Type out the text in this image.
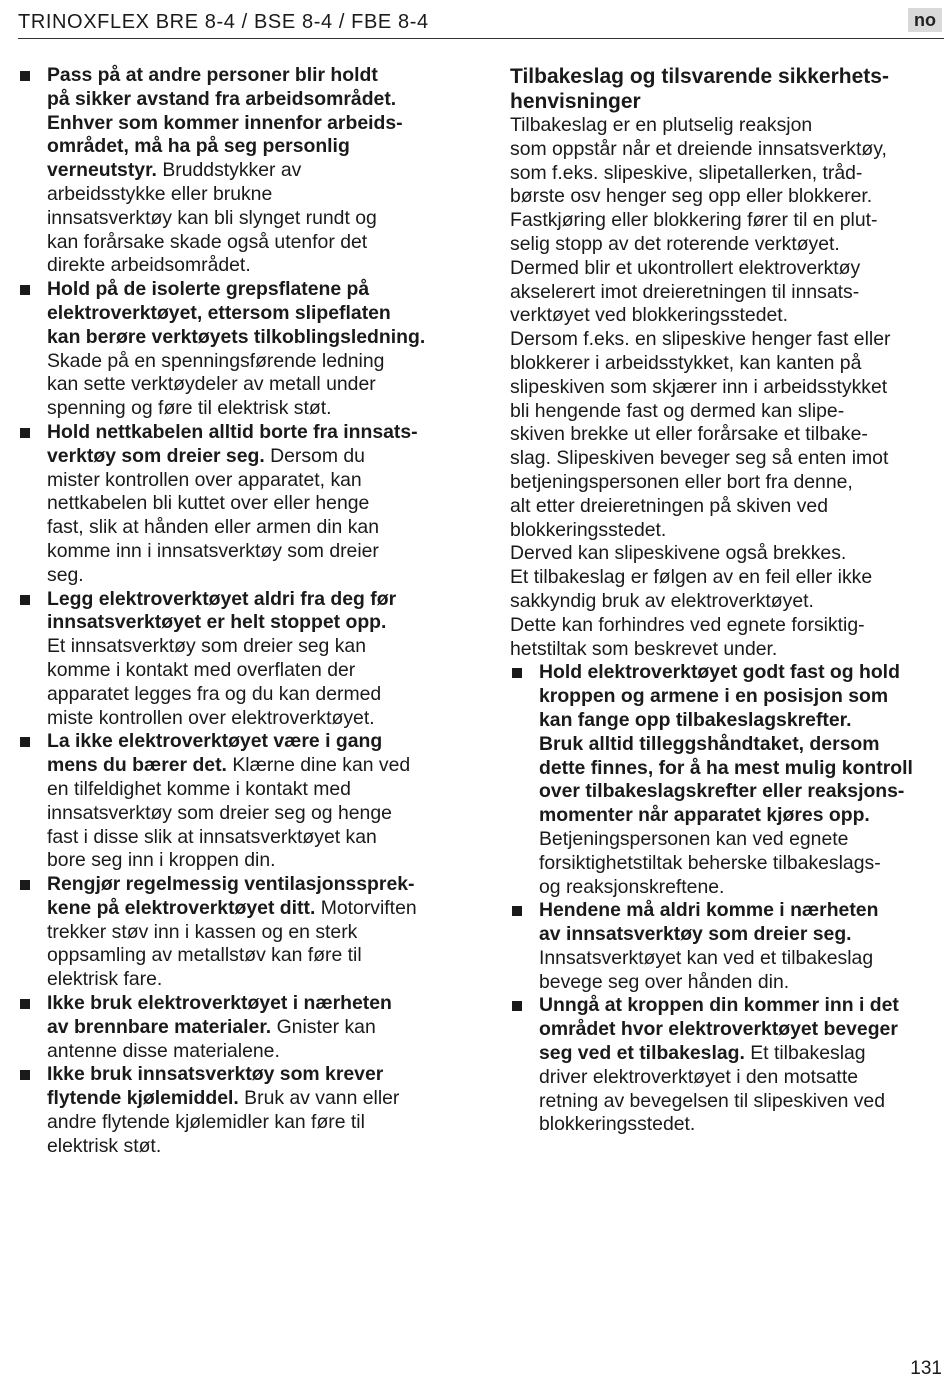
TRINOXFLEX BRE 8-4 / BSE 8-4 / FBE 8-4	no

Pass på at andre personer blir holdt

på sikker avstand fra arbeidsområdet.

Enhver som kommer innenfor arbeids-

området, må ha på seg personlig

verneutstyr. Bruddstykker av

arbeidsstykke eller brukne

innsatsverktøy kan bli slynget rundt og

kan forårsake skade også utenfor det

direkte arbeidsområdet.

Hold på de isolerte grepsflatene på

elektroverktøyet, ettersom slipeflaten

kan berøre verktøyets tilkoblingsledning.

Skade på en spenningsførende ledning

kan sette verktøydeler av metall under

spenning og føre til elektrisk støt.

Hold nettkabelen alltid borte fra innsats-

verktøy som dreier seg. Dersom du

mister kontrollen over apparatet, kan

nettkabelen bli kuttet over eller henge

fast, slik at hånden eller armen din kan

komme inn i innsatsverktøy som dreier

seg.

Legg elektroverktøyet aldri fra deg før

innsatsverktøyet er helt stoppet opp.

Et innsatsverktøy som dreier seg kan

komme i kontakt med overflaten der

apparatet legges fra og du kan dermed

miste kontrollen over elektroverktøyet.

La ikke elektroverktøyet være i gang

mens du bærer det. Klærne dine kan ved

en tilfeldighet komme i kontakt med

innsatsverktøy som dreier seg og henge

fast i disse slik at innsatsverktøyet kan

bore seg inn i kroppen din.

Rengjør regelmessig ventilasjonssprek-

kene på elektroverktøyet ditt. Motorviften

trekker støv inn i kassen og en sterk

oppsamling av metallstøv kan føre til

elektrisk fare.

Ikke bruk elektroverktøyet i nærheten

av brennbare materialer. Gnister kan

antenne disse materialene.

Ikke bruk innsatsverktøy som krever

flytende kjølemiddel. Bruk av vann eller

andre flytende kjølemidler kan føre til

elektrisk støt.

Tilbakeslag og tilsvarende sikkerhets-

henvisninger

Tilbakeslag er en plutselig reaksjon

som oppstår når et dreiende innsatsverktøy,

som f.eks. slipeskive, slipetallerken, tråd-

børste osv henger seg opp eller blokkerer.

Fastkjøring eller blokkering fører til en plut-

selig stopp av det roterende verktøyet.

Dermed blir et ukontrollert elektroverktøy

akselerert imot dreieretningen til innsats-

verktøyet ved blokkeringsstedet.

Dersom f.eks. en slipeskive henger fast eller

blokkerer i arbeidsstykket, kan kanten på

slipeskiven som skjærer inn i arbeidsstykket

bli hengende fast og dermed kan slipe-

skiven brekke ut eller forårsake et tilbake-

slag. Slipeskiven beveger seg så enten imot

betjeningspersonen eller bort fra denne,

alt etter dreieretningen på skiven ved

blokkeringsstedet.

Derved kan slipeskivene også brekkes.

Et tilbakeslag er følgen av en feil eller ikke

sakkyndig bruk av elektroverktøyet.

Dette kan forhindres ved egnete forsiktig-

hetstiltak som beskrevet under.

Hold elektroverktøyet godt fast og hold

kroppen og armene i en posisjon som

kan fange opp tilbakeslagskrefter.

Bruk alltid tilleggshåndtaket, dersom

dette finnes, for å ha mest mulig kontroll

over tilbakeslagskrefter eller reaksjons-

momenter når apparatet kjøres opp.

Betjeningspersonen kan ved egnete

forsiktighetstiltak beherske tilbakeslags-

og reaksjonskreftene.

Hendene må aldri komme i nærheten

av innsatsverktøy som dreier seg.

Innsatsverktøyet kan ved et tilbakeslag

bevege seg over hånden din.

Unngå at kroppen din kommer inn i det

området hvor elektroverktøyet beveger

seg ved et tilbakeslag. Et tilbakeslag

driver elektroverktøyet i den motsatte

retning av bevegelsen til slipeskiven ved

blokkeringsstedet.

131
